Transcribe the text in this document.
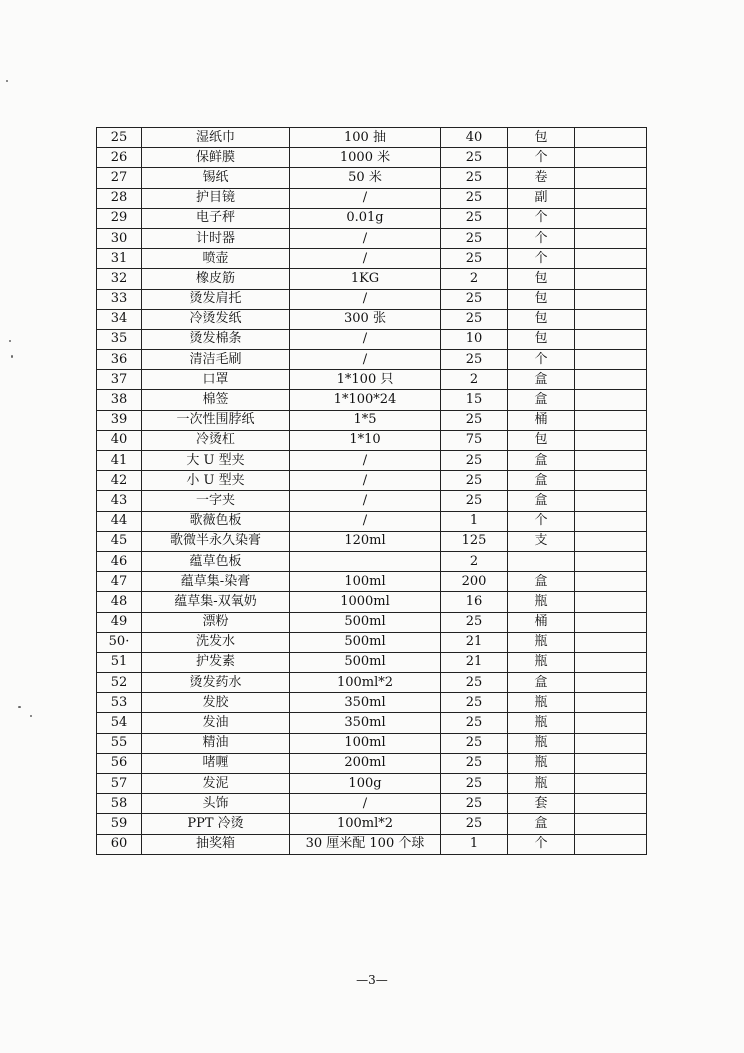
25	湿纸巾	100 抽	40	包	
26	保鲜膜	1000 米	25	个	
27	锡纸	50 米	25	卷	
28	护目镜	/	25	副	
29	电子秤	0.01g	25	个	
30	计时器	/	25	个	
31	喷壶	/	25	个	
32	橡皮筋	1KG	2	包	
33	烫发肩托	/	25	包	
34	冷烫发纸	300 张	25	包	
35	烫发棉条	/	10	包	
36	清洁毛刷	/	25	个	
37	口罩	1*100 只	2	盒	
38	棉签	1*100*24	15	盒	
39	一次性围脖纸	1*5	25	桶	
40	冷烫杠	1*10	75	包	
41	大 U 型夹	/	25	盒	
42	小 U 型夹	/	25	盒	
43	一字夹	/	25	盒	
44	歌薇色板	/	1	个	
45	歌微半永久染膏	120ml	125	支	
46	蕴草色板		2		
47	蕴草集-染膏	100ml	200	盒	
48	蕴草集-双氧奶	1000ml	16	瓶	
49	漂粉	500ml	25	桶	
50·	洗发水	500ml	21	瓶	
51	护发素	500ml	21	瓶	
52	烫发药水	100ml*2	25	盒	
53	发胶	350ml	25	瓶	
54	发油	350ml	25	瓶	
55	精油	100ml	25	瓶	
56	啫喱	200ml	25	瓶	
57	发泥	100g	25	瓶	
58	头饰	/	25	套	
59	PPT 冷烫	100ml*2	25	盒	
60	抽奖箱	30 厘米配 100 个球	1	个	
—3—
